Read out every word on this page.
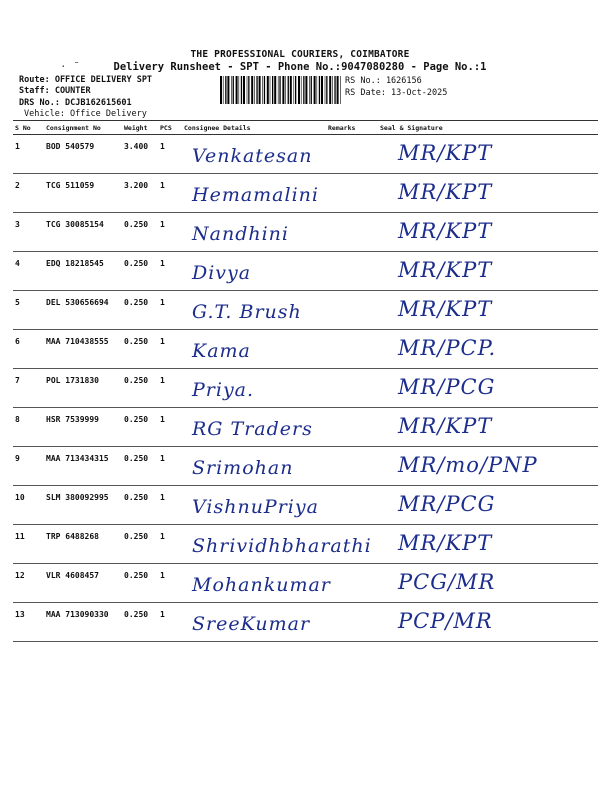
THE PROFESSIONAL COURIERS, COIMBATORE
Delivery Runsheet - SPT - Phone No.:9047080280 - Page No.:1
Route: OFFICE DELIVERY SPT
Staff: COUNTER
DRS No.: DCJB162615601
Vehicle: Office Delivery
RS No.: 1626156
RS Date: 13-Oct-2025
· ˉ
S No	Consignment No	Weight	PCS	Consignee Details	Remarks	Seal & Signature
1	BOD 540579	3.400	1	Venkatesan		MR/KPT

2	TCG 511059	3.200	1	Hemamalini		MR/KPT

3	TCG 30085154	0.250	1	Nandhini		MR/KPT

4	EDQ 18218545	0.250	1	Divya		MR/KPT

5	DEL 530656694	0.250	1	G.T. Brush		MR/KPT

6	MAA 710438555	0.250	1	Kama		MR/PCP.

7	POL 1731830	0.250	1	Priya.		MR/PCG

8	HSR 7539999	0.250	1	RG Traders		MR/KPT

9	MAA 713434315	0.250	1	Srimohan		MR/mo/PNP

10	SLM 380092995	0.250	1	VishnuPriya		MR/PCG

11	TRP 6488268	0.250	1	Shrividhbharathi		MR/KPT

12	VLR 4608457	0.250	1	Mohankumar		PCG/MR

13	MAA 713090330	0.250	1	SreeKumar		PCP/MR
